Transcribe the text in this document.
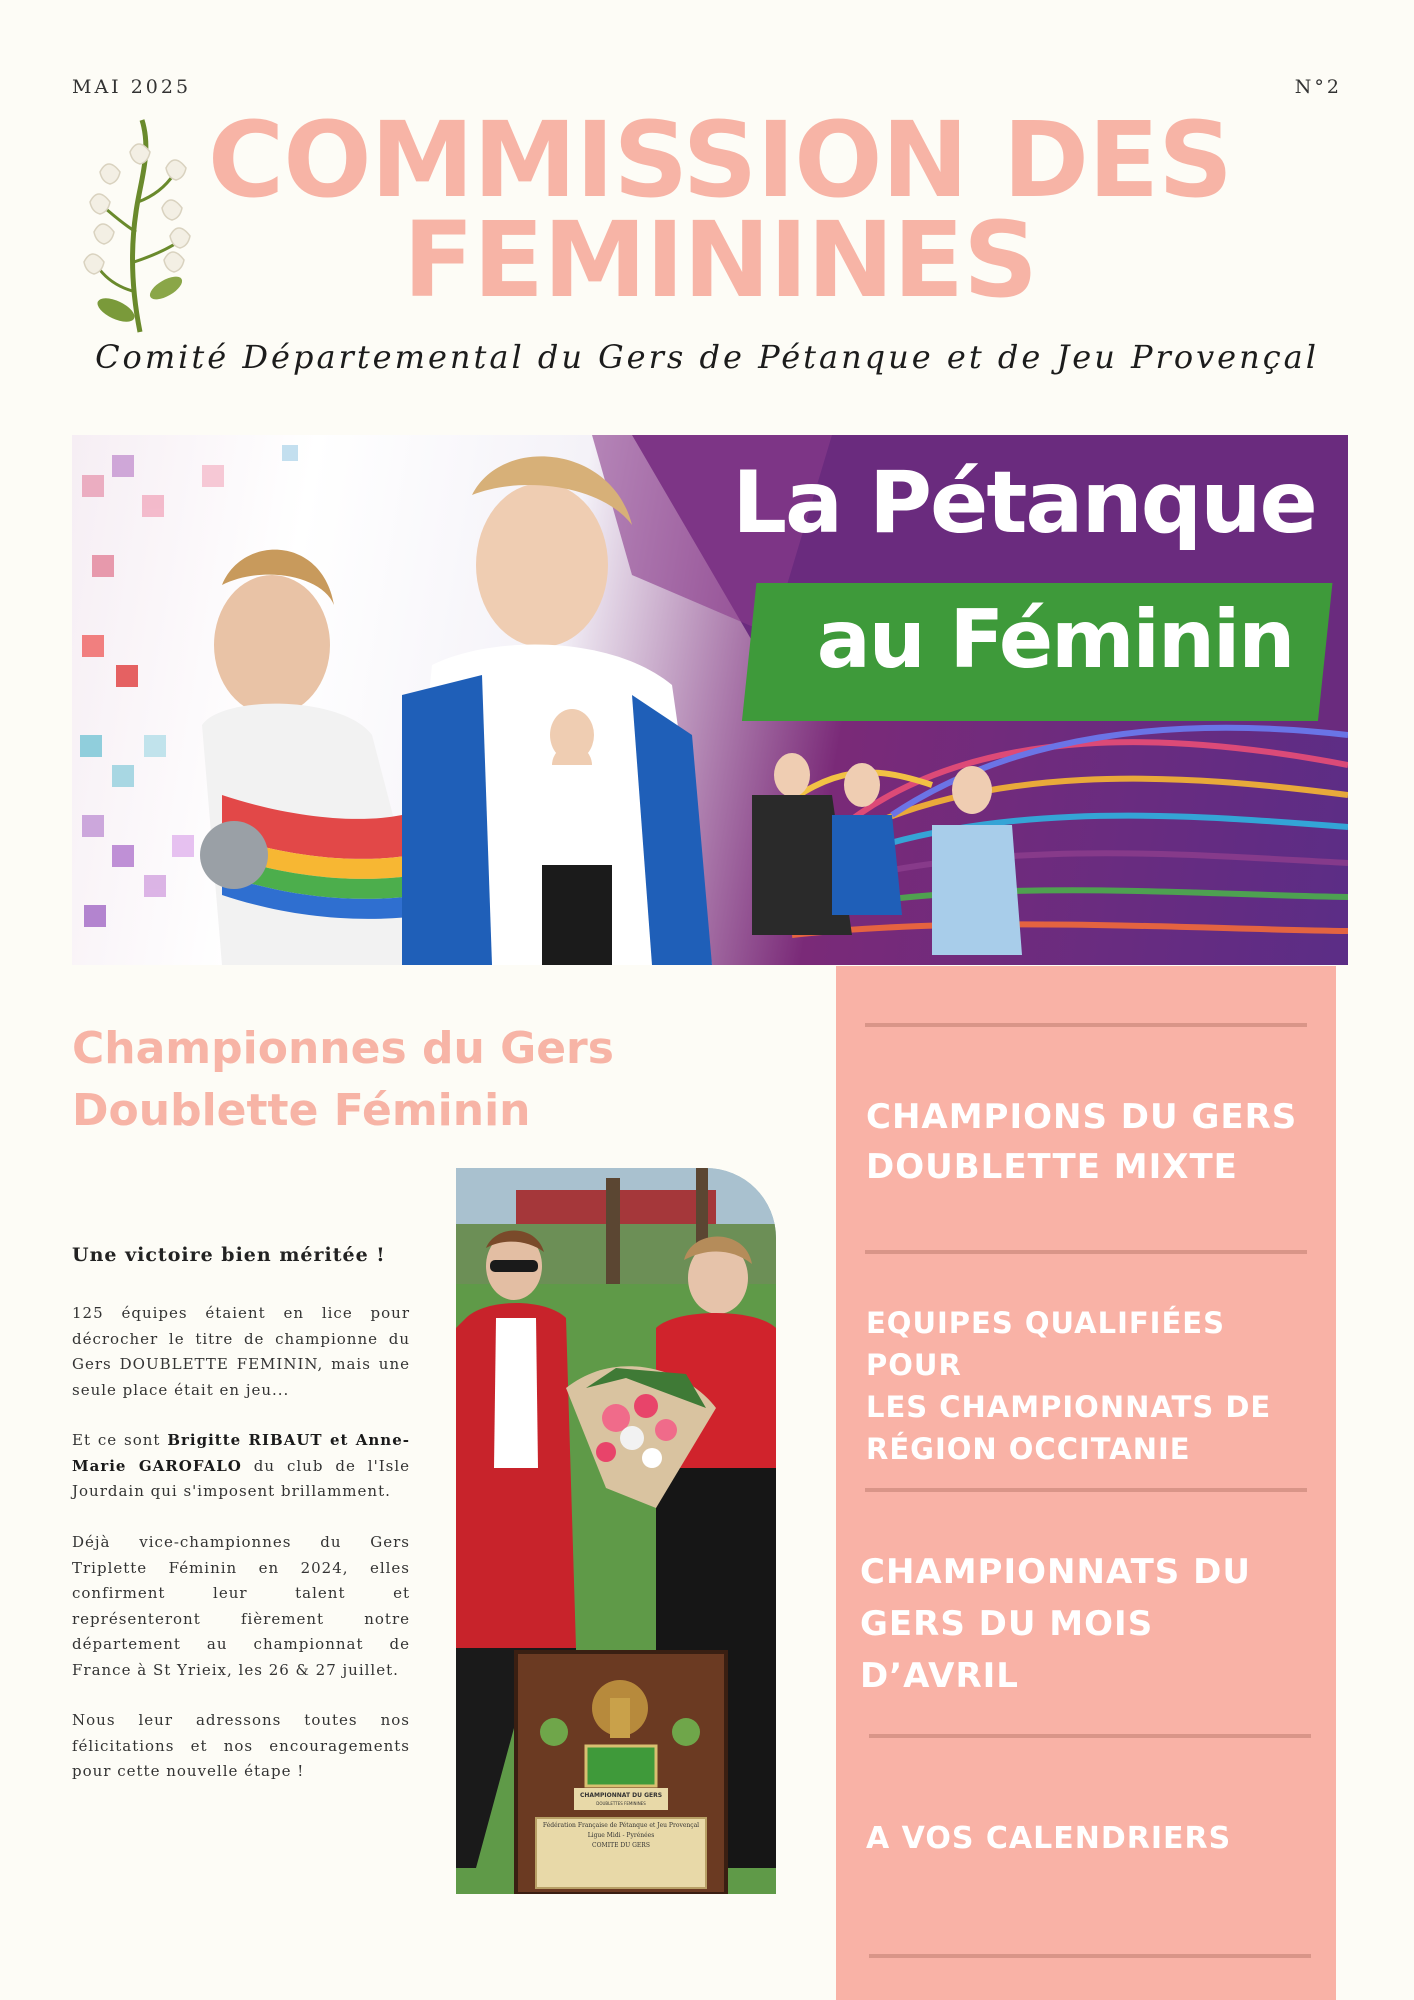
MAI 2025	N°2
COMMISSION DES
FEMININES
Comité Départemental du Gers de Pétanque et de Jeu Provençal
La Pétanque
au Féminin
Championnes du Gers
Doublette Féminin
Une victoire bien méritée !
125 équipes étaient en lice pour décrocher le titre de championne du Gers DOUBLETTE FEMININ, mais une seule place était en jeu...
Et ce sont Brigitte RIBAUT et Anne-Marie GAROFALO du club de l'Isle Jourdain qui s'imposent brillamment.
Déjà vice-championnes du Gers Triplette Féminin en 2024, elles confirment leur talent et représenteront fièrement notre département au championnat de France à St Yrieix, les 26 & 27 juillet.
Nous leur adressons toutes nos félicitations et nos encouragements pour cette nouvelle étape !
CHAMPIONNAT DU GERS
DOUBLETTES FEMININES
Fédération Française de Pétanque et Jeu Provençal
Ligue Midi - Pyrénées
COMITE DU GERS
CHAMPIONS DU GERS
DOUBLETTE MIXTE
EQUIPES QUALIFIÉES POUR
LES CHAMPIONNATS DE
RÉGION OCCITANIE
CHAMPIONNATS DU
GERS DU MOIS D’AVRIL
A VOS CALENDRIERS
